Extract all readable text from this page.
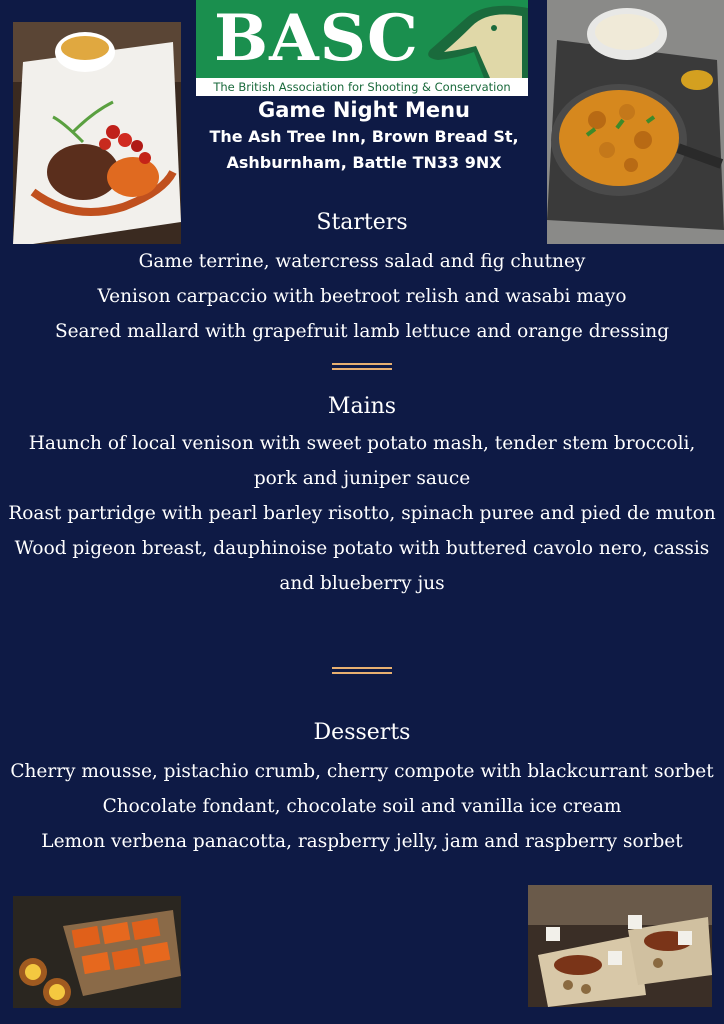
BASC
The British Association for Shooting & Conservation
Game Night Menu
The Ash Tree Inn, Brown Bread St,
Ashburnham, Battle TN33 9NX
Starters
Game terrine, watercress salad and fig chutney
Venison carpaccio with beetroot relish and wasabi mayo
Seared mallard with grapefruit lamb lettuce and orange dressing
Mains
Haunch of local venison with sweet potato mash, tender stem broccoli, pork and juniper sauce
Roast partridge with pearl barley risotto, spinach puree and pied de muton
Wood pigeon breast, dauphinoise potato with buttered cavolo nero, cassis and blueberry jus
Desserts
Cherry mousse, pistachio crumb, cherry compote with blackcurrant sorbet
Chocolate fondant, chocolate soil and vanilla ice cream
Lemon verbena panacotta, raspberry jelly, jam and raspberry sorbet
